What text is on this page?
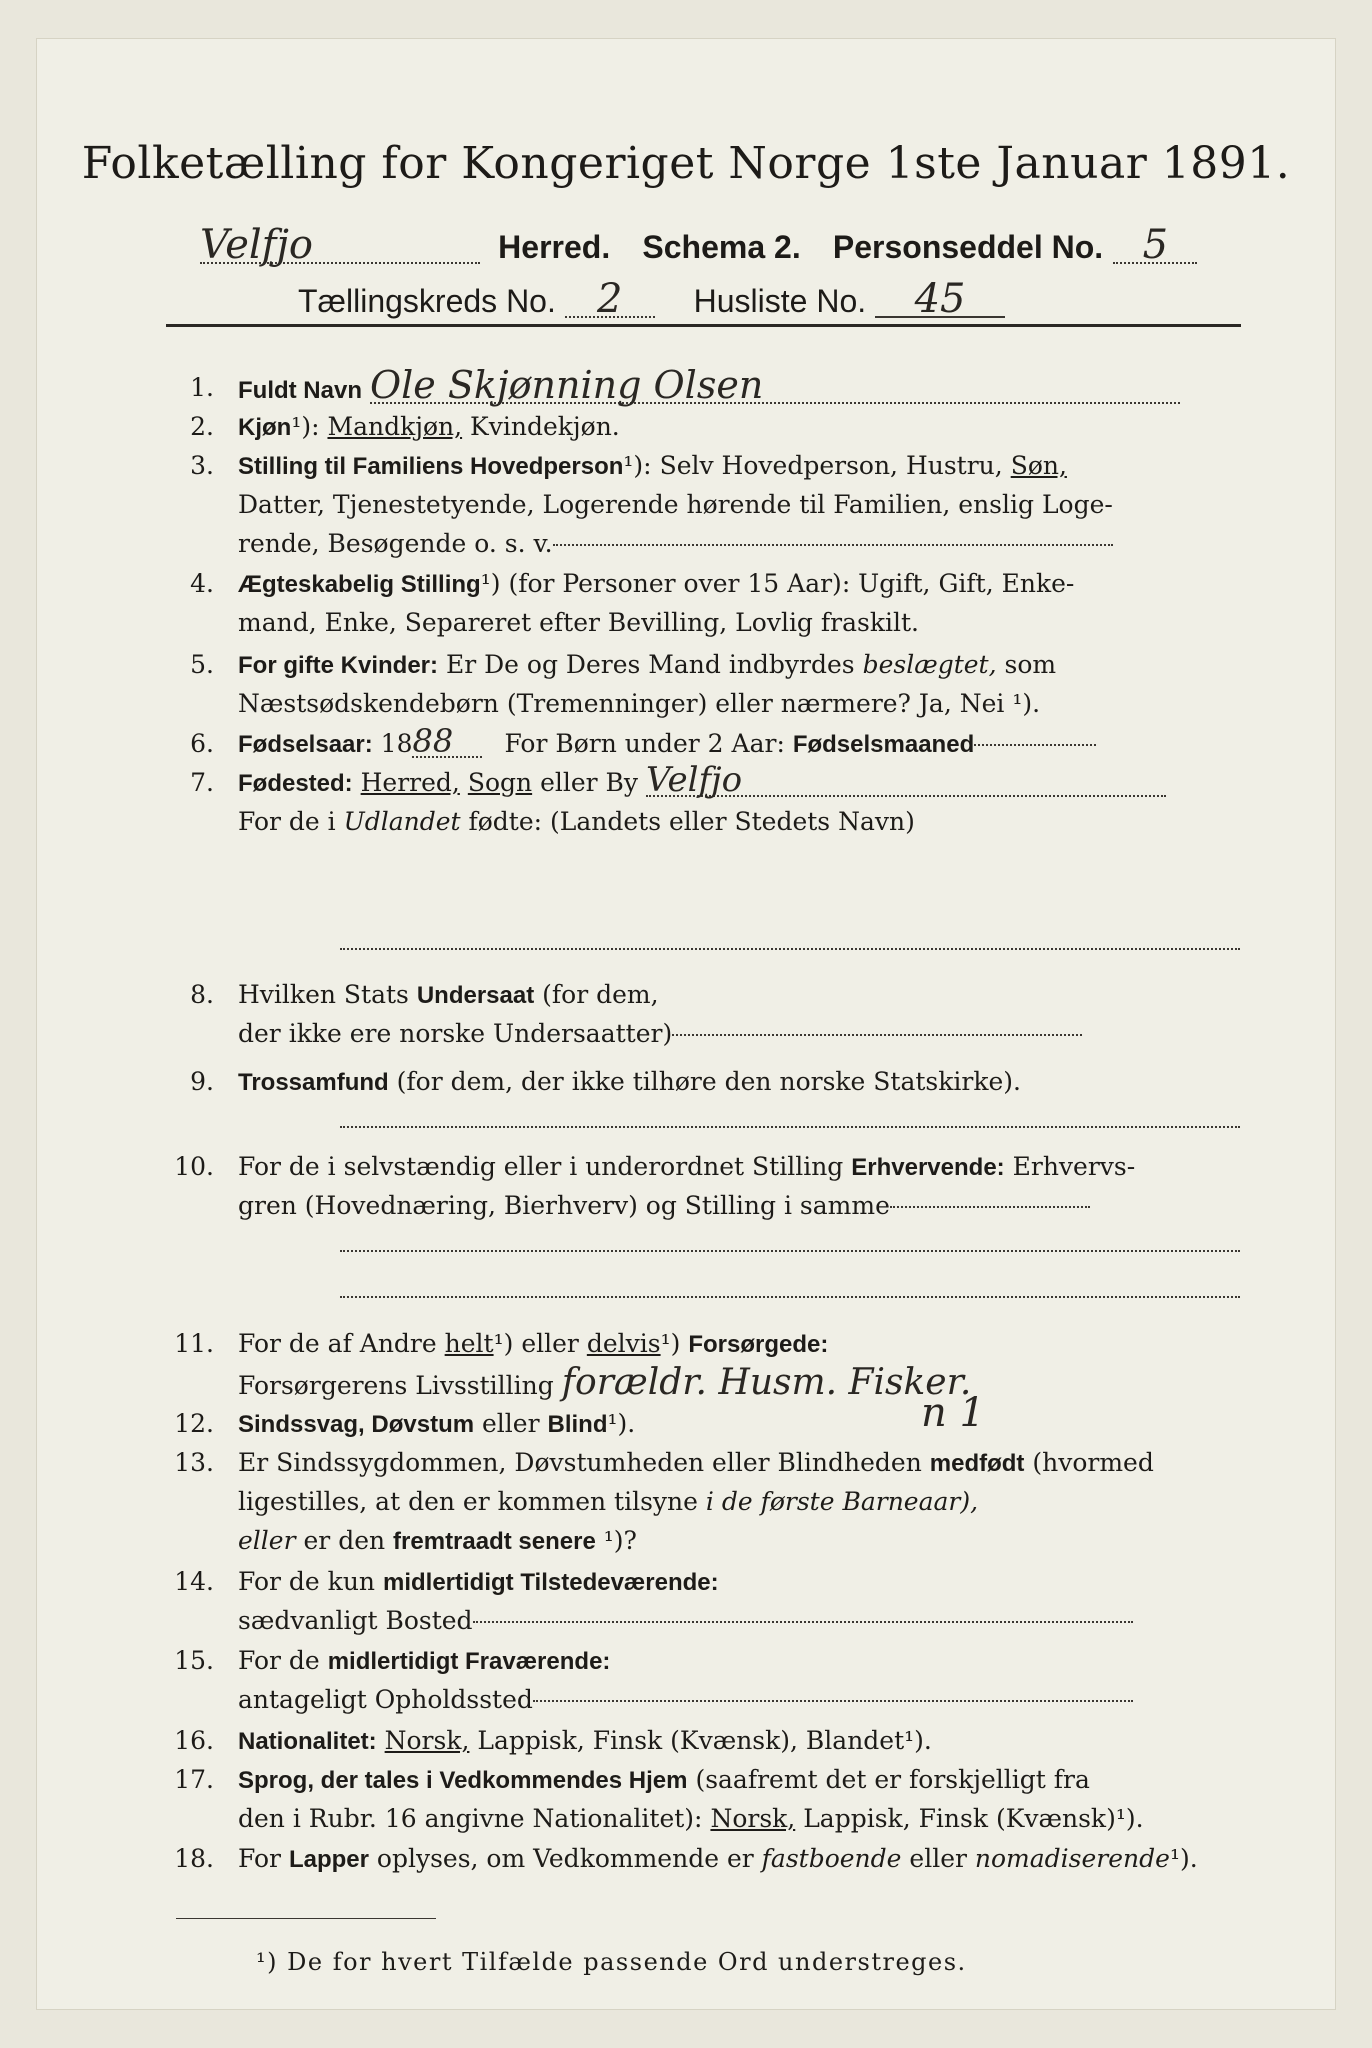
Folketælling for Kongeriget Norge 1ste Januar 1891.
Velfjo	Herred. Schema 2. Personseddel No. 5
Tællingskreds No. 2 Husliste No. 45
1. Fuldt Navn Ole Skjønning Olsen
2. Kjøn¹): Mandkjøn, Kvindekjøn.
3. Stilling til Familiens Hovedperson¹): Selv Hovedperson, Hustru, Søn,
Datter, Tjenestetyende, Logerende hørende til Familien, enslig Loge-
rende, Besøgende o. s. v.
4. Ægteskabelig Stilling¹) (for Personer over 15 Aar): Ugift, Gift, Enke-
mand, Enke, Separeret efter Bevilling, Lovlig fraskilt.
5. For gifte Kvinder: Er De og Deres Mand indbyrdes beslægtet, som
Næstsødskendebørn (Tremenninger) eller nærmere? Ja, Nei ¹).
6. Fødselsaar: 1888 For Børn under 2 Aar: Fødselsmaaned
7. Fødested: Herred, Sogn eller By Velfjo
For de i Udlandet fødte: (Landets eller Stedets Navn)
8. Hvilken Stats Undersaat (for dem,
der ikke ere norske Undersaatter)
9. Trossamfund (for dem, der ikke tilhøre den norske Statskirke).
10. For de i selvstændig eller i underordnet Stilling Erhvervende: Erhvervs-
gren (Hovednæring, Bierhverv) og Stilling i samme
11. For de af Andre helt¹) eller delvis¹) Forsørgede:
Forsørgerens Livsstilling forældr. Husm. Fisker.
12. Sindssvag, Døvstum eller Blind¹).	n 1
13. Er Sindssygdommen, Døvstumheden eller Blindheden medfødt (hvormed
ligestilles, at den er kommen tilsyne i de første Barneaar),
eller er den fremtraadt senere ¹)?
14. For de kun midlertidigt Tilstedeværende:
sædvanligt Bosted
15. For de midlertidigt Fraværende:
antageligt Opholdssted
16. Nationalitet: Norsk, Lappisk, Finsk (Kvænsk), Blandet¹).
17. Sprog, der tales i Vedkommendes Hjem (saafremt det er forskjelligt fra
den i Rubr. 16 angivne Nationalitet): Norsk, Lappisk, Finsk (Kvænsk)¹).
18. For Lapper oplyses, om Vedkommende er fastboende eller nomadiserende¹).
¹) De for hvert Tilfælde passende Ord understreges.
